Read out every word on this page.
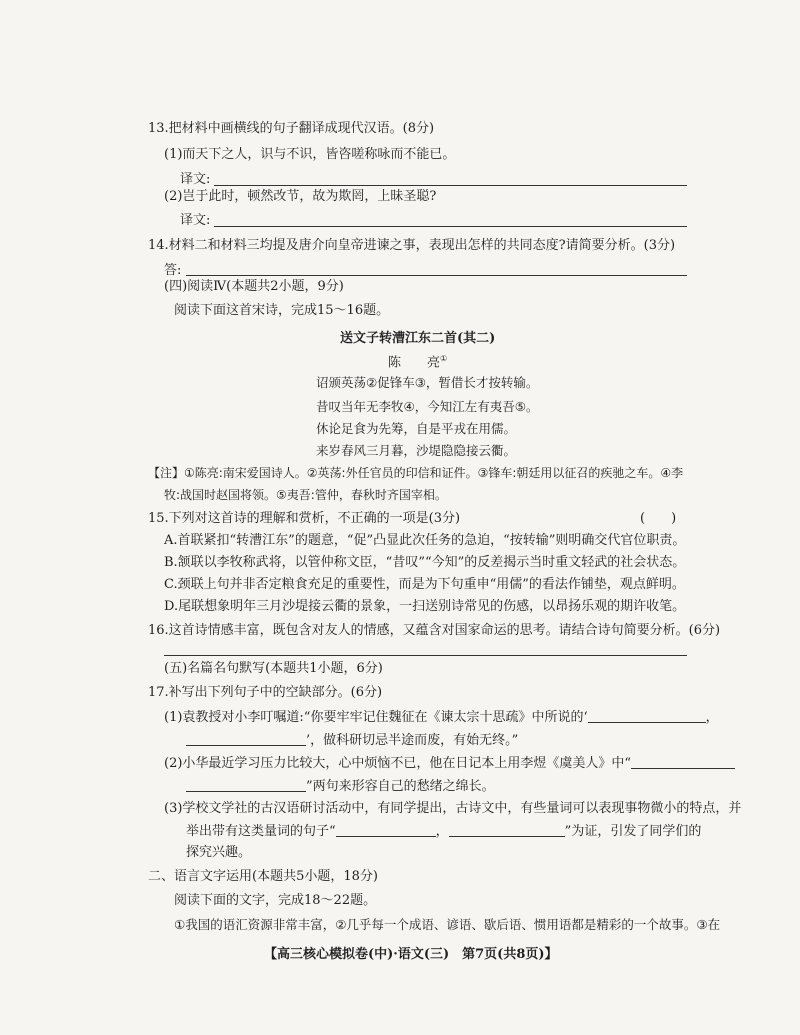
13.把材料中画横线的句子翻译成现代汉语。(8分)
(1)而天下之人，识与不识，皆咨嗟称咏而不能已。
译文:
(2)岂于此时，顿然改节，故为欺罔，上昧圣聪?
译文:
14.材料二和材料三均提及唐介向皇帝进谏之事，表现出怎样的共同态度?请简要分析。(3分)
答:
(四)阅读Ⅳ(本题共2小题，9分)
阅读下面这首宋诗，完成15～16题。
送文子转漕江东二首(其二)
陈　　亮①
诏颁英荡②促锋车③，暂借长才按转输。
昔叹当年无李牧④，今知江左有夷吾⑤。
休论足食为先筹，自是平戎在用儒。
来岁春风三月暮，沙堤隐隐接云衢。
【注】①陈亮:南宋爱国诗人。②英荡:外任官员的印信和证件。③锋车:朝廷用以征召的疾驰之车。④李
牧:战国时赵国将领。⑤夷吾:管仲，春秋时齐国宰相。
15.下列对这首诗的理解和赏析，不正确的一项是(3分)	(　　)
A.首联紧扣“转漕江东”的题意，“促”凸显此次任务的急迫，“按转输”则明确交代官位职责。
B.颔联以李牧称武将，以管仲称文臣，“昔叹”“今知”的反差揭示当时重文轻武的社会状态。
C.颈联上句并非否定粮食充足的重要性，而是为下句重申“用儒”的看法作铺垫，观点鲜明。
D.尾联想象明年三月沙堤接云衢的景象，一扫送别诗常见的伤感，以昂扬乐观的期许收笔。
16.这首诗情感丰富，既包含对友人的情感，又蕴含对国家命运的思考。请结合诗句简要分析。(6分)
(五)名篇名句默写(本题共1小题，6分)
17.补写出下列句子中的空缺部分。(6分)
(1)袁教授对小李叮嘱道:“你要牢牢记住魏征在《谏太宗十思疏》中所说的‘	，
’，做科研切忌半途而废，有始无终。”
(2)小华最近学习压力比较大，心中烦恼不已，他在日记本上用李煜《虞美人》中“
”两句来形容自己的愁绪之绵长。
(3)学校文学社的古汉语研讨活动中，有同学提出，古诗文中，有些量词可以表现事物微小的特点，并
举出带有这类量词的句子“	，	”为证，引发了同学们的
探究兴趣。
二、语言文字运用(本题共5小题，18分)
阅读下面的文字，完成18～22题。
①我国的语汇资源非常丰富，②几乎每一个成语、谚语、歇后语、惯用语都是精彩的一个故事。③在
【高三核心模拟卷(中)·语文(三)　第7页(共8页)】
